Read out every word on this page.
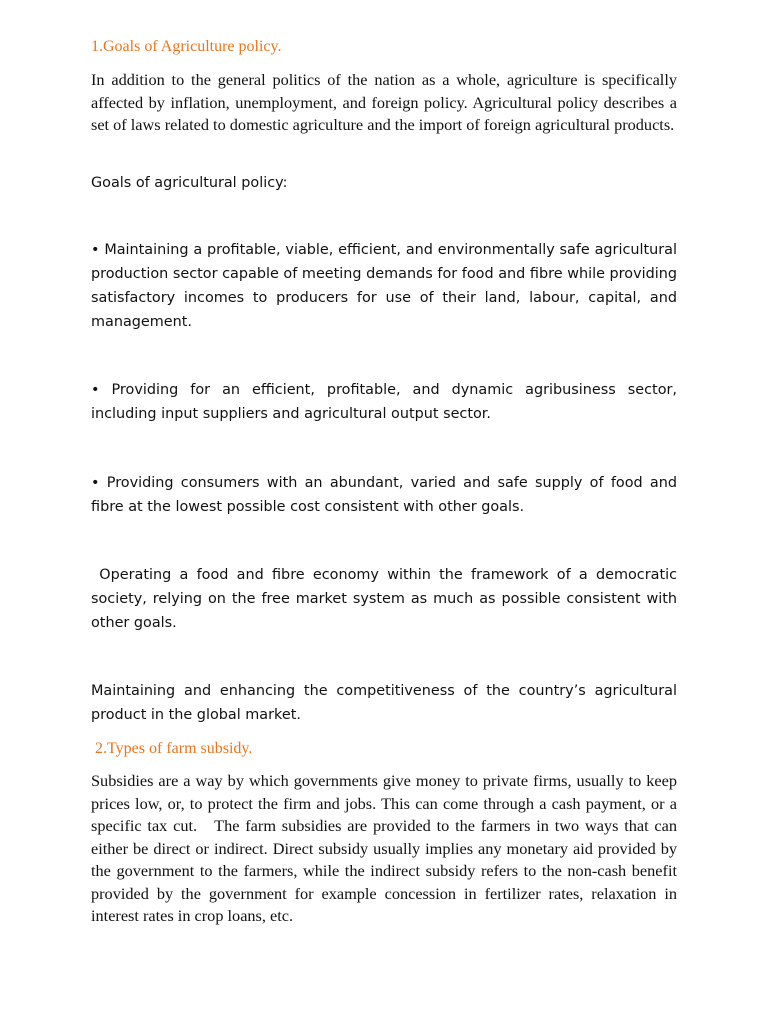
1.Goals of Agriculture policy.

In addition to the general politics of the nation as a whole, agriculture is specifically affected by inflation, unemployment, and foreign policy. Agricultural policy describes a set of laws related to domestic agriculture and the import of foreign agricultural products.

Goals of agricultural policy:

• Maintaining a profitable, viable, efficient, and environmentally safe agricultural production sector capable of meeting demands for food and fibre while providing satisfactory incomes to producers for use of their land, labour, capital, and management.

• Providing for an efficient, profitable, and dynamic agribusiness sector, including input suppliers and agricultural output sector.

• Providing consumers with an abundant, varied and safe supply of food and fibre at the lowest possible cost consistent with other goals.

Operating a food and fibre economy within the framework of a democratic society, relying on the free market system as much as possible consistent with other goals.

Maintaining and enhancing the competitiveness of the country’s agricultural product in the global market.

2.Types of farm subsidy.

Subsidies are a way by which governments give money to private firms, usually to keep prices low, or, to protect the firm and jobs. This can come through a cash payment, or a specific tax cut.   The farm subsidies are provided to the farmers in two ways that can either be direct or indirect. Direct subsidy usually implies any monetary aid provided by the government to the farmers, while the indirect subsidy refers to the non-cash benefit provided by the government for example concession in fertilizer rates, relaxation in interest rates in crop loans, etc.
